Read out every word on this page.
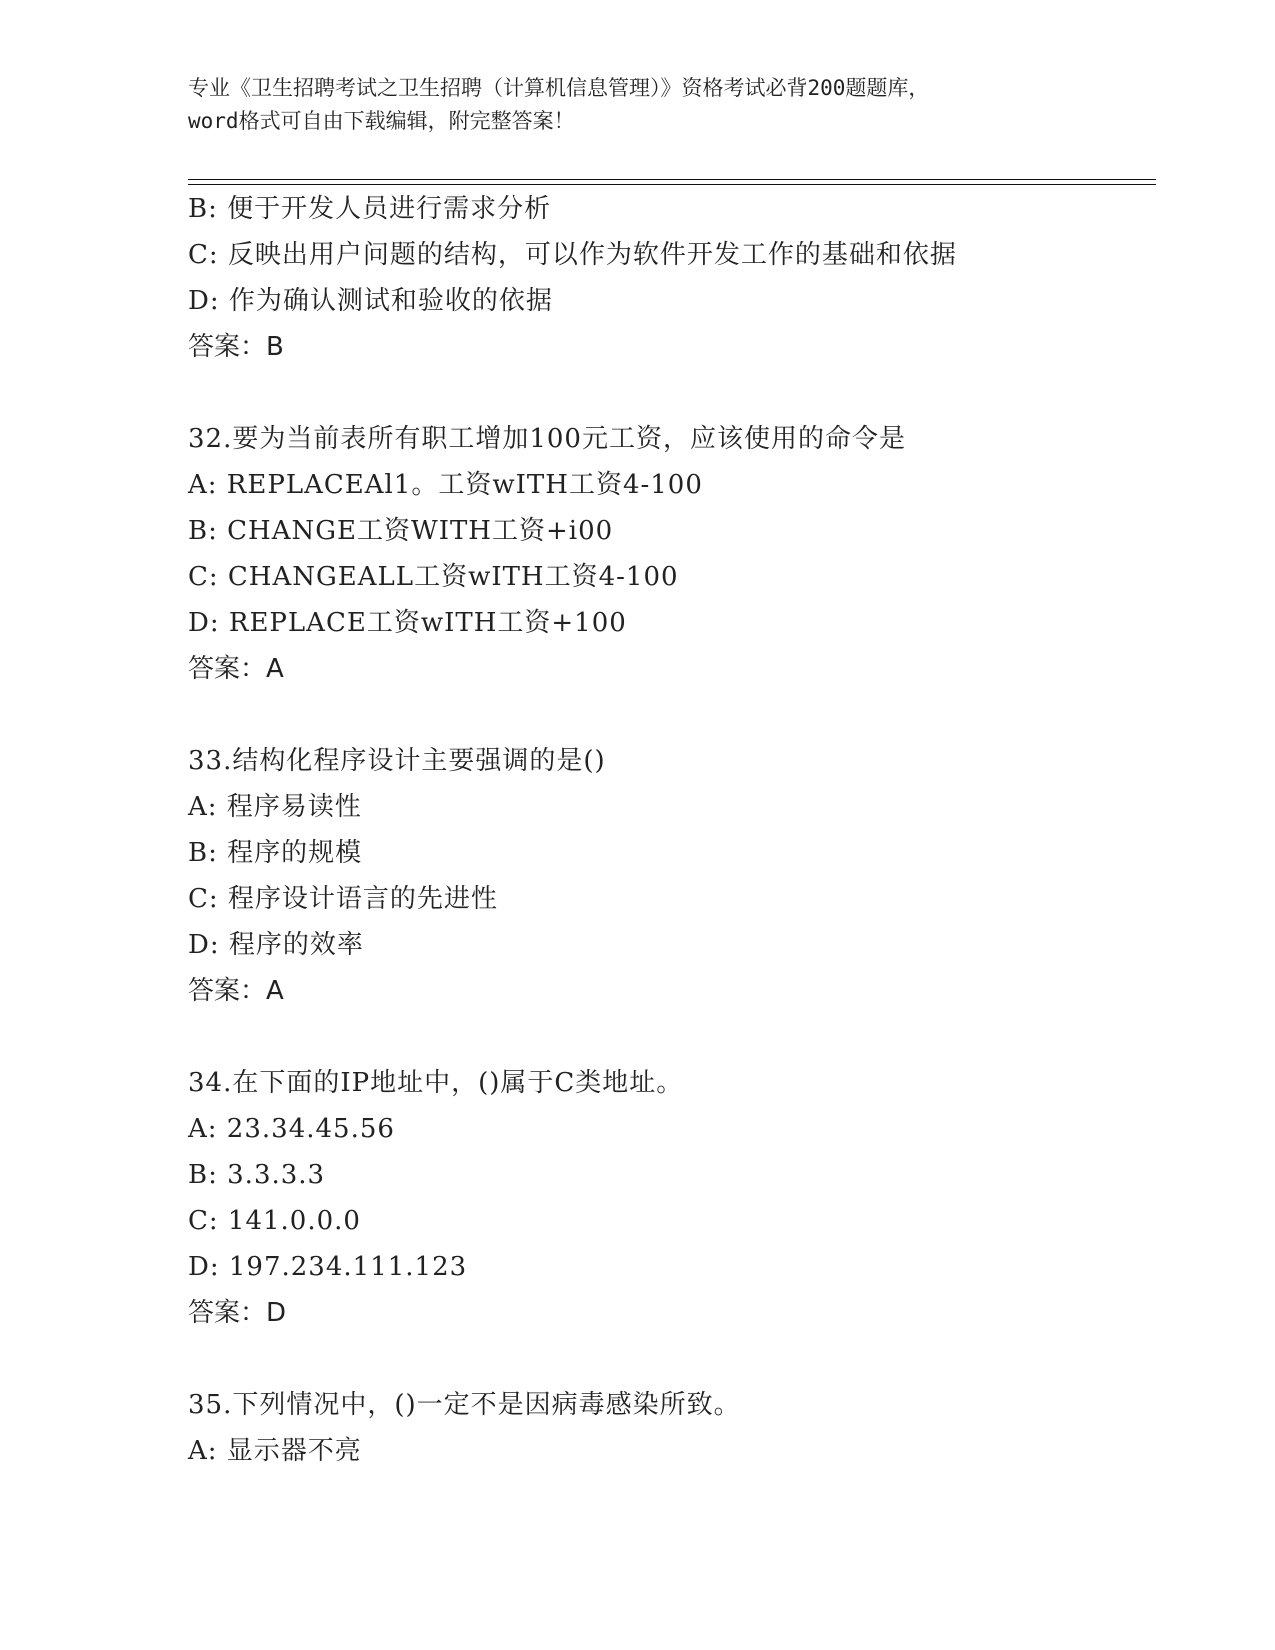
专业《卫生招聘考试之卫生招聘（计算机信息管理）》资格考试必背200题题库，
word格式可自由下载编辑，附完整答案！
B: 便于开发人员进行需求分析
C: 反映出用户问题的结构，可以作为软件开发工作的基础和依据
D: 作为确认测试和验收的依据
答案：B
32.要为当前表所有职工增加100元工资，应该使用的命令是
A: REPLACEAl1。工资wITH工资4-100
B: CHANGE工资WITH工资+i00
C: CHANGEALL工资wITH工资4-100
D: REPLACE工资wITH工资+100
答案：A
33.结构化程序设计主要强调的是()
A: 程序易读性
B: 程序的规模
C: 程序设计语言的先进性
D: 程序的效率
答案：A
34.在下面的IP地址中，()属于C类地址。
A: 23.34.45.56
B: 3.3.3.3
C: 141.0.0.0
D: 197.234.111.123
答案：D
35.下列情况中，()一定不是因病毒感染所致。
A: 显示器不亮
